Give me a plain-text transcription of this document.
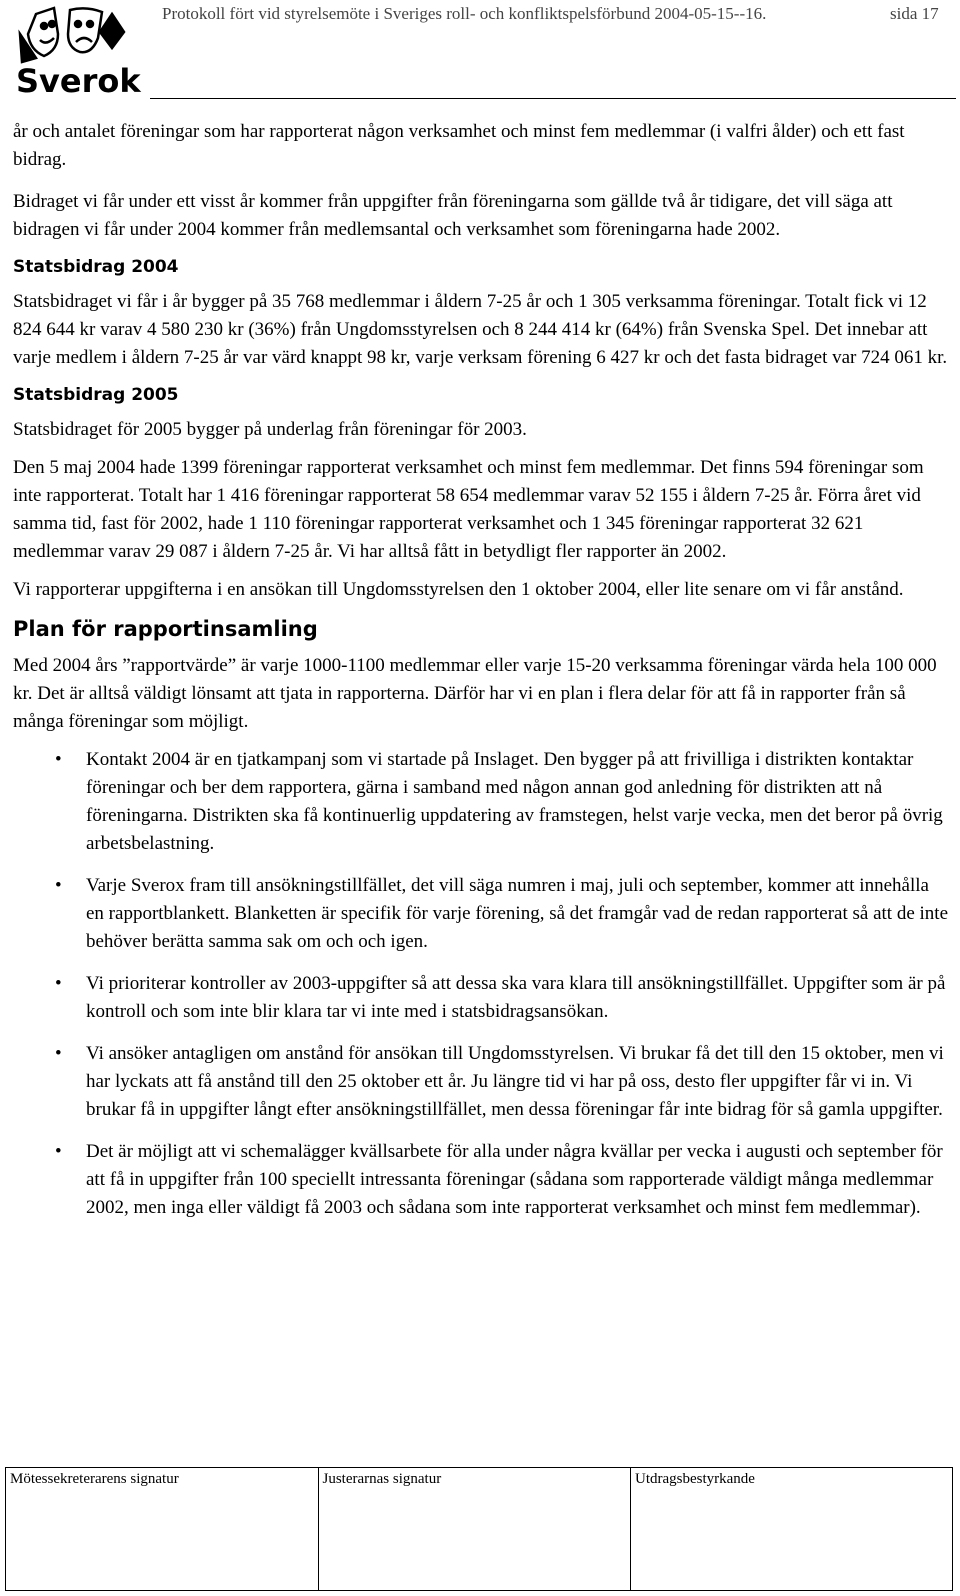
Sverok
Protokoll fört vid styrelsemöte i Sveriges roll- och konfliktspelsförbund 2004-05-15--16.	sida 17

år och antalet föreningar som har rapporterat någon verksamhet och minst fem medlemmar (i valfri ålder) och ett fast bidrag.

Bidraget vi får under ett visst år kommer från uppgifter från föreningarna som gällde två år tidigare, det vill säga att bidragen vi får under 2004 kommer från medlemsantal och verksamhet som föreningarna hade 2002.

Statsbidrag 2004

Statsbidraget vi får i år bygger på 35 768 medlemmar i åldern 7-25 år och 1 305 verksamma föreningar. Totalt fick vi 12 824 644 kr varav 4 580 230 kr (36%) från Ungdomsstyrelsen och 8 244 414 kr (64%) från Svenska Spel. Det innebar att varje medlem i åldern 7-25 år var värd knappt 98 kr, varje verksam förening 6 427 kr och det fasta bidraget var 724 061 kr.

Statsbidrag 2005

Statsbidraget för 2005 bygger på underlag från föreningar för 2003.

Den 5 maj 2004 hade 1399 föreningar rapporterat verksamhet och minst fem medlemmar. Det finns 594 föreningar som inte rapporterat. Totalt har 1 416 föreningar rapporterat 58 654 medlemmar varav 52 155 i åldern 7-25 år. Förra året vid samma tid, fast för 2002, hade 1 110 föreningar rapporterat verksamhet och 1 345 föreningar rapporterat 32 621 medlemmar varav 29 087 i åldern 7-25 år. Vi har alltså fått in betydligt fler rapporter än 2002.

Vi rapporterar uppgifterna i en ansökan till Ungdomsstyrelsen den 1 oktober 2004, eller lite senare om vi får anstånd.

Plan för rapportinsamling

Med 2004 års ”rapportvärde” är varje 1000-1100 medlemmar eller varje 15-20 verksamma föreningar värda hela 100 000 kr. Det är alltså väldigt lönsamt att tjata in rapporterna. Därför har vi en plan i flera delar för att få in rapporter från så många föreningar som möjligt.

• Kontakt 2004 är en tjatkampanj som vi startade på Inslaget. Den bygger på att frivilliga i distrikten kontaktar föreningar och ber dem rapportera, gärna i samband med någon annan god anledning för distrikten att nå föreningarna. Distrikten ska få kontinuerlig uppdatering av framstegen, helst varje vecka, men det beror på övrig arbetsbelastning.
• Varje Sverox fram till ansökningstillfället, det vill säga numren i maj, juli och september, kommer att innehålla en rapportblankett. Blanketten är specifik för varje förening, så det framgår vad de redan rapporterat så att de inte behöver berätta samma sak om och och igen.
• Vi prioriterar kontroller av 2003-uppgifter så att dessa ska vara klara till ansökningstillfället. Uppgifter som är på kontroll och som inte blir klara tar vi inte med i statsbidragsansökan.
• Vi ansöker antagligen om anstånd för ansökan till Ungdomsstyrelsen. Vi brukar få det till den 15 oktober, men vi har lyckats att få anstånd till den 25 oktober ett år. Ju längre tid vi har på oss, desto fler uppgifter får vi in. Vi brukar få in uppgifter långt efter ansökningstillfället, men dessa föreningar får inte bidrag för så gamla uppgifter.
• Det är möjligt att vi schemalägger kvällsarbete för alla under några kvällar per vecka i augusti och september för att få in uppgifter från 100 speciellt intressanta föreningar (sådana som rapporterade väldigt många medlemmar 2002, men inga eller väldigt få 2003 och sådana som inte rapporterat verksamhet och minst fem medlemmar).
Mötessekreterarens signatur	Justerarnas signatur	Utdragsbestyrkande
